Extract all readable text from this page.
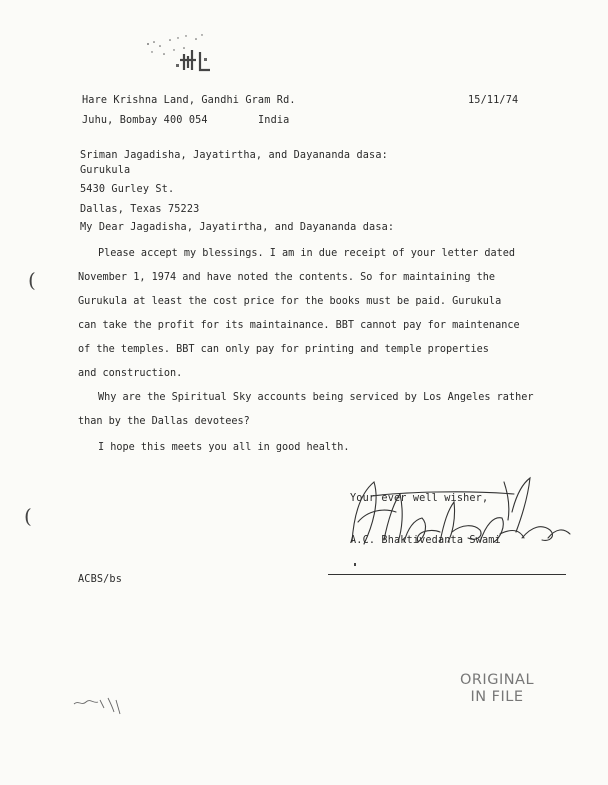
(
(
Hare Krishna Land, Gandhi Gram Rd.
Juhu, Bombay 400 054	India
15/11/74
Sriman Jagadisha, Jayatirtha, and Dayananda dasa:
Gurukula
5430 Gurley St.
Dallas, Texas 75223
My Dear Jagadisha, Jayatirtha, and Dayananda dasa:
Please accept my blessings. I am in due receipt of your letter dated
November 1, 1974 and have noted the contents. So for maintaining the
Gurukula at least the cost price for the books must be paid. Gurukula
can take the profit for its maintainance. BBT cannot pay for maintenance
of the temples. BBT can only pay for printing and temple properties
and construction.
Why are the Spiritual Sky accounts being serviced by Los Angeles rather
than by the Dallas devotees?
I hope this meets you all in good health.
Your ever well wisher,
A.C. Bhaktivedanta Swami
ACBS/bs

ORIGINAL
IN FILE
